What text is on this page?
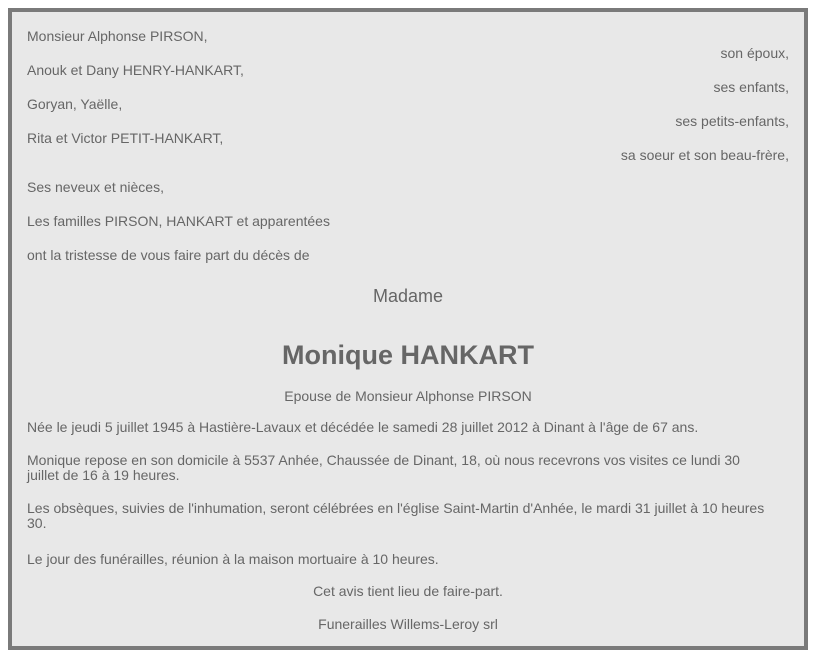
Monsieur Alphonse PIRSON,
son époux,
Anouk et Dany HENRY-HANKART,
ses enfants,
Goryan, Yaëlle,
ses petits-enfants,
Rita et Victor PETIT-HANKART,
sa soeur et son beau-frère,
Ses neveux et nièces,
Les familles PIRSON, HANKART et apparentées
ont la tristesse de vous faire part du décès de
Madame
Monique HANKART
Epouse de Monsieur Alphonse PIRSON
Née le jeudi 5 juillet 1945 à Hastière-Lavaux et décédée le samedi 28 juillet 2012 à Dinant à l'âge de 67 ans.
Monique repose en son domicile à 5537 Anhée, Chaussée de Dinant, 18, où nous recevrons vos visites ce lundi 30 juillet de 16 à 19 heures.
Les obsèques, suivies de l'inhumation, seront célébrées en l'église Saint-Martin d'Anhée, le mardi 31 juillet à 10 heures 30.
Le jour des funérailles, réunion à la maison mortuaire à 10 heures.
Cet avis tient lieu de faire-part.
Funerailles Willems-Leroy srl
